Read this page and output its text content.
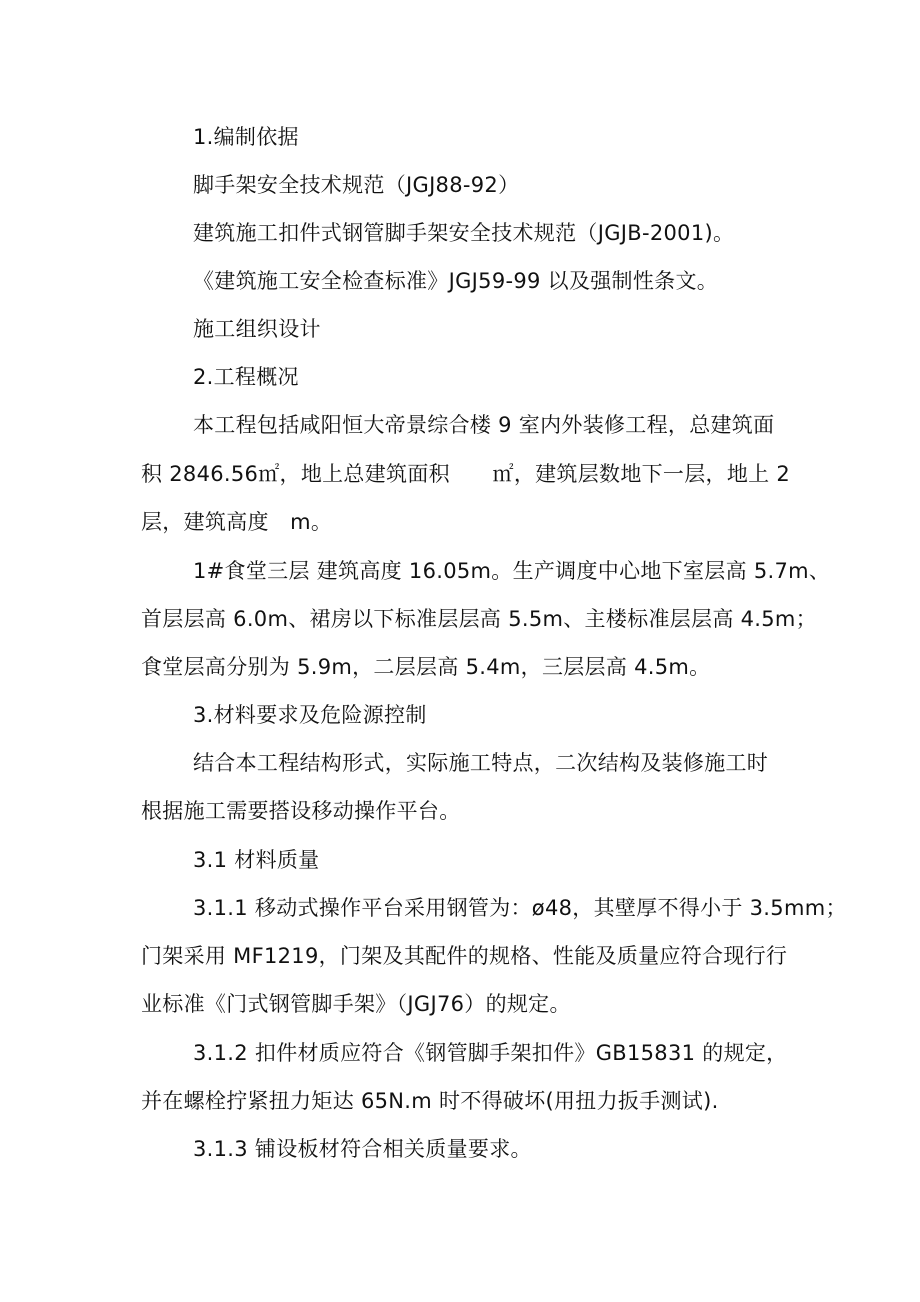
1.编制依据
脚手架安全技术规范（JGJ88-92）
建筑施工扣件式钢管脚手架安全技术规范（JGJB-2001)。
《建筑施工安全检查标准》JGJ59-99 以及强制性条文。
施工组织设计
2.工程概况
本工程包括咸阳恒大帝景综合楼 9 室内外装修工程，总建筑面
积 2846.56㎡，地上总建筑面积　　㎡，建筑层数地下一层，地上 2
层，建筑高度　m。
1#食堂三层 建筑高度 16.05m。生产调度中心地下室层高 5.7m、
首层层高 6.0m、裙房以下标准层层高 5.5m、主楼标准层层高 4.5m；
食堂层高分别为 5.9m，二层层高 5.4m，三层层高 4.5m。
3.材料要求及危险源控制
结合本工程结构形式，实际施工特点，二次结构及装修施工时
根据施工需要搭设移动操作平台。
3.1 材料质量
3.1.1 移动式操作平台采用钢管为：ø48，其壁厚不得小于 3.5mm；
门架采用 MF1219，门架及其配件的规格、性能及质量应符合现行行
业标准《门式钢管脚手架》（JGJ76）的规定。
3.1.2 扣件材质应符合《钢管脚手架扣件》GB15831 的规定，
并在螺栓拧紧扭力矩达 65N.m 时不得破坏(用扭力扳手测试).
3.1.3 铺设板材符合相关质量要求。
